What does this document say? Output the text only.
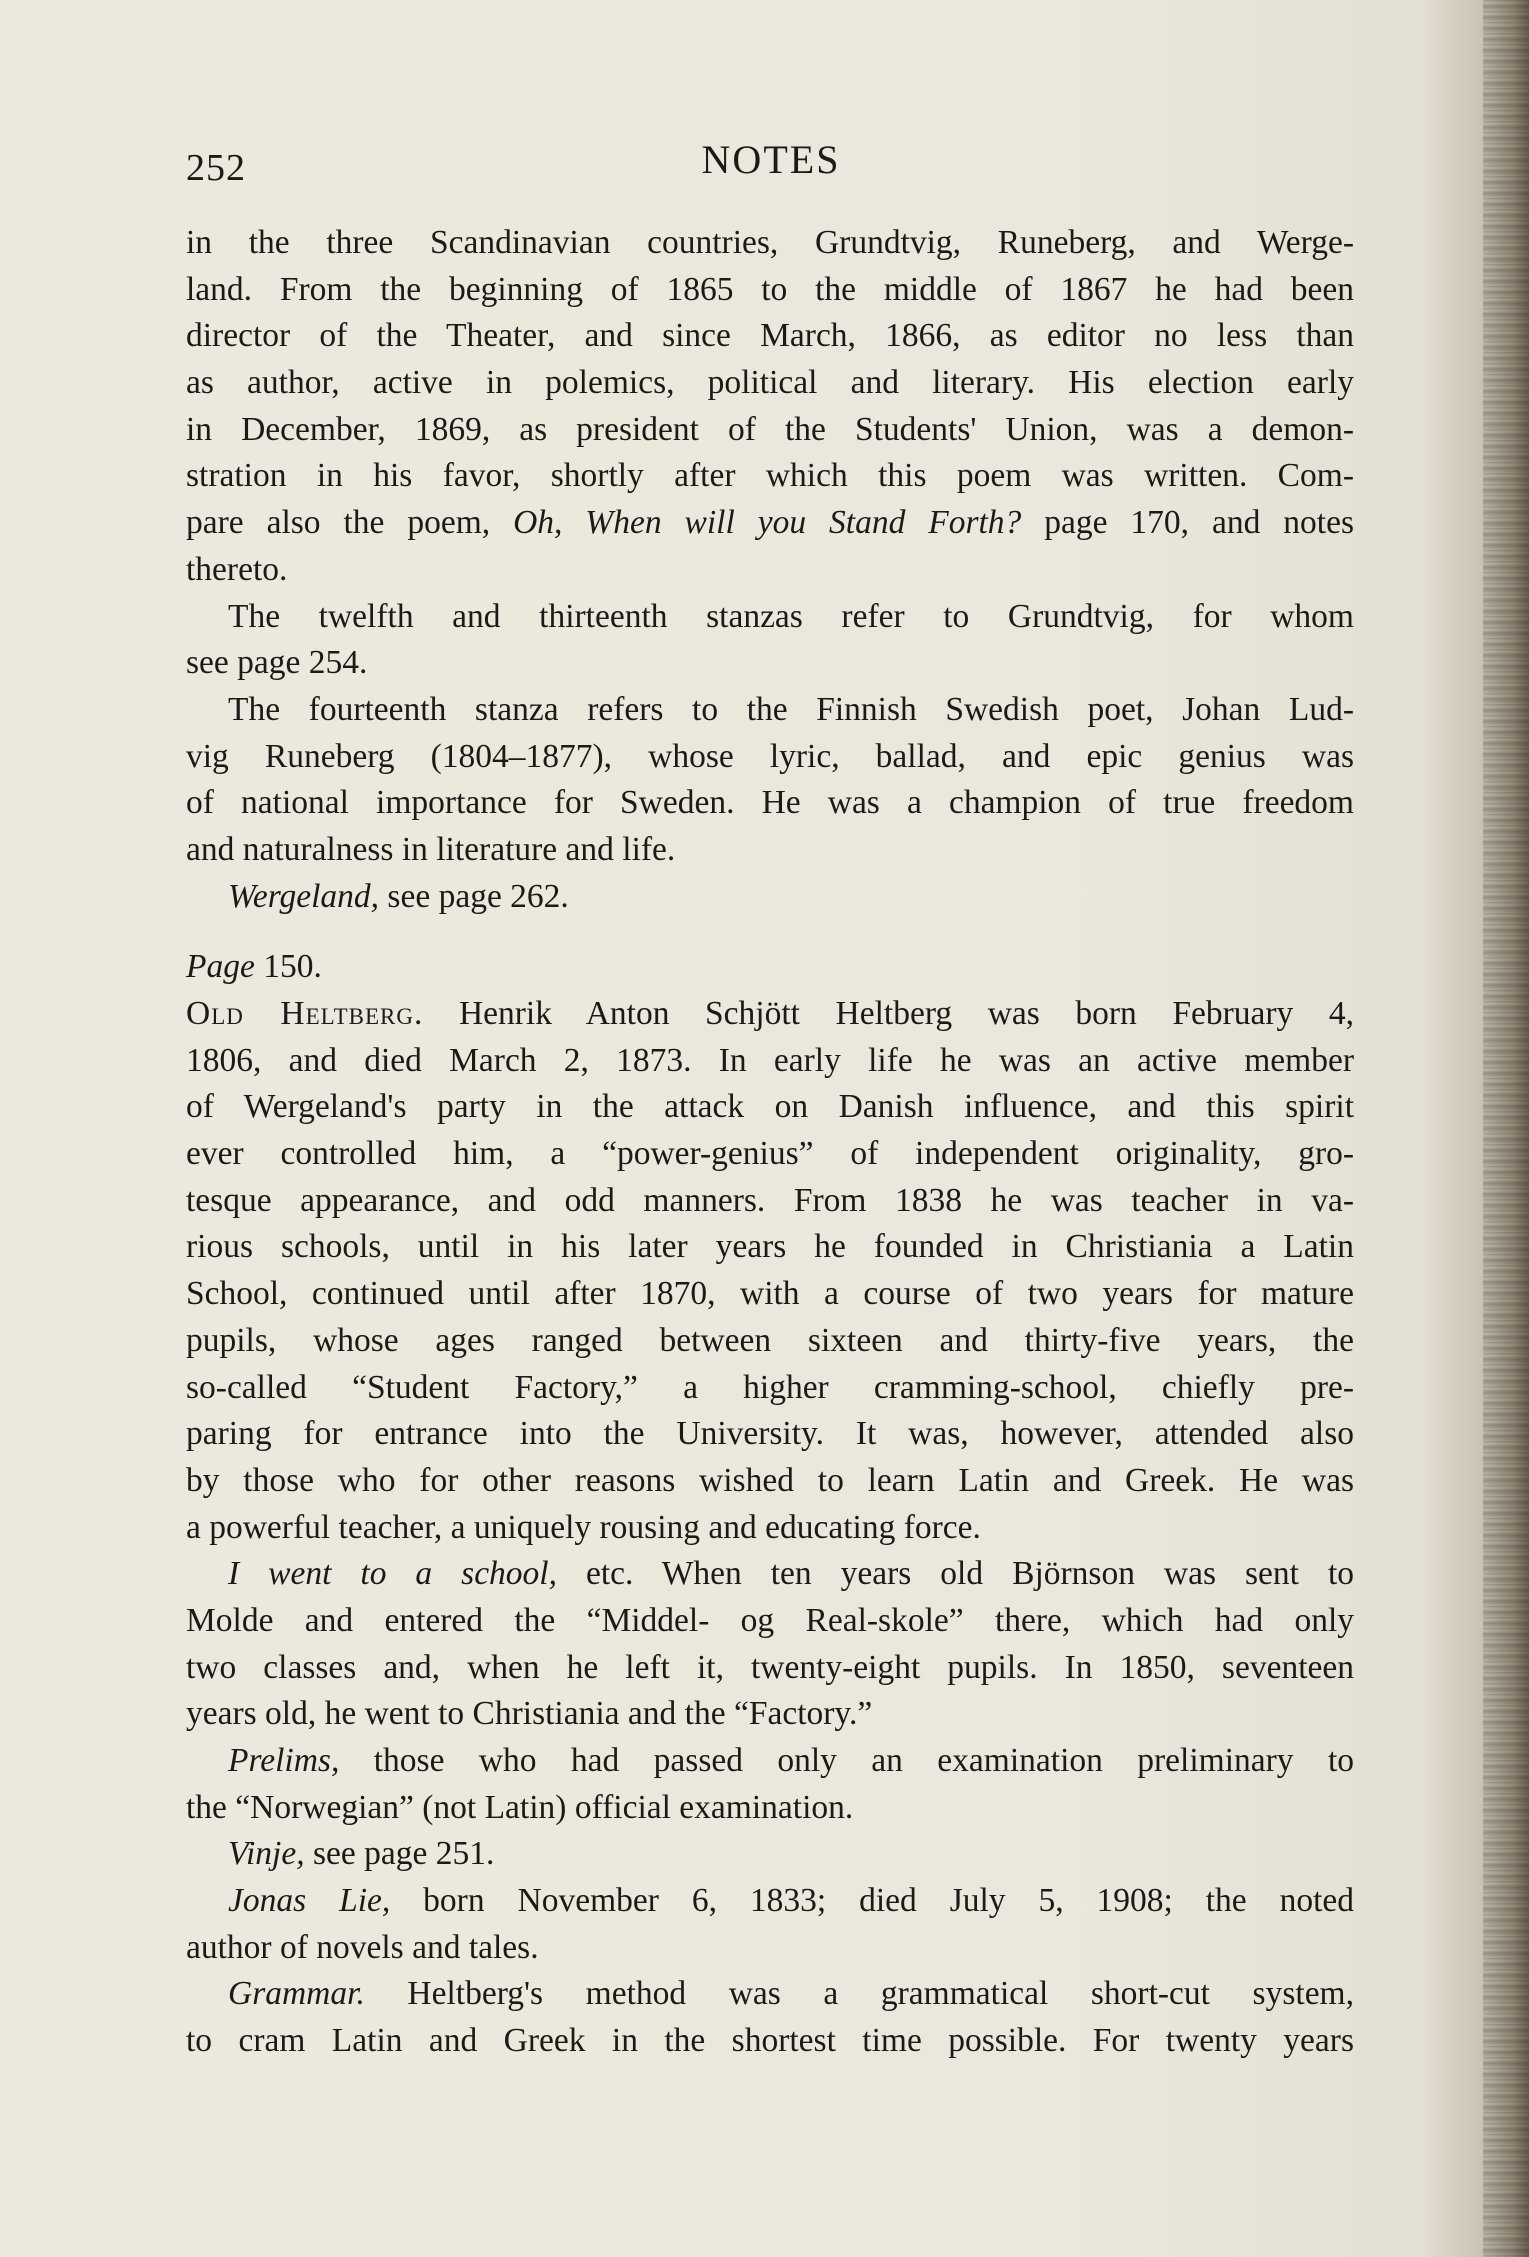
252	NOTES
in the three Scandinavian countries, Grundtvig, Runeberg, and Werge-
land. From the beginning of 1865 to the middle of 1867 he had been
director of the Theater, and since March, 1866, as editor no less than
as author, active in polemics, political and literary. His election early
in December, 1869, as president of the Students' Union, was a demon-
stration in his favor, shortly after which this poem was written. Com-
pare also the poem, Oh, When will you Stand Forth? page 170, and notes
thereto.
The twelfth and thirteenth stanzas refer to Grundtvig, for whom
see page 254.
The fourteenth stanza refers to the Finnish Swedish poet, Johan Lud-
vig Runeberg (1804–1877), whose lyric, ballad, and epic genius was
of national importance for Sweden. He was a champion of true freedom
and naturalness in literature and life.
Wergeland, see page 262.
Page 150.
Old Heltberg. Henrik Anton Schjött Heltberg was born February 4,
1806, and died March 2, 1873. In early life he was an active member
of Wergeland's party in the attack on Danish influence, and this spirit
ever controlled him, a “power-genius” of independent originality, gro-
tesque appearance, and odd manners. From 1838 he was teacher in va-
rious schools, until in his later years he founded in Christiania a Latin
School, continued until after 1870, with a course of two years for mature
pupils, whose ages ranged between sixteen and thirty-five years, the
so-called “Student Factory,” a higher cramming-school, chiefly pre-
paring for entrance into the University. It was, however, attended also
by those who for other reasons wished to learn Latin and Greek. He was
a powerful teacher, a uniquely rousing and educating force.
I went to a school, etc. When ten years old Björnson was sent to
Molde and entered the “Middel- og Real-skole” there, which had only
two classes and, when he left it, twenty-eight pupils. In 1850, seventeen
years old, he went to Christiania and the “Factory.”
Prelims, those who had passed only an examination preliminary to
the “Norwegian” (not Latin) official examination.
Vinje, see page 251.
Jonas Lie, born November 6, 1833; died July 5, 1908; the noted
author of novels and tales.
Grammar. Heltberg's method was a grammatical short-cut system,
to cram Latin and Greek in the shortest time possible. For twenty years
